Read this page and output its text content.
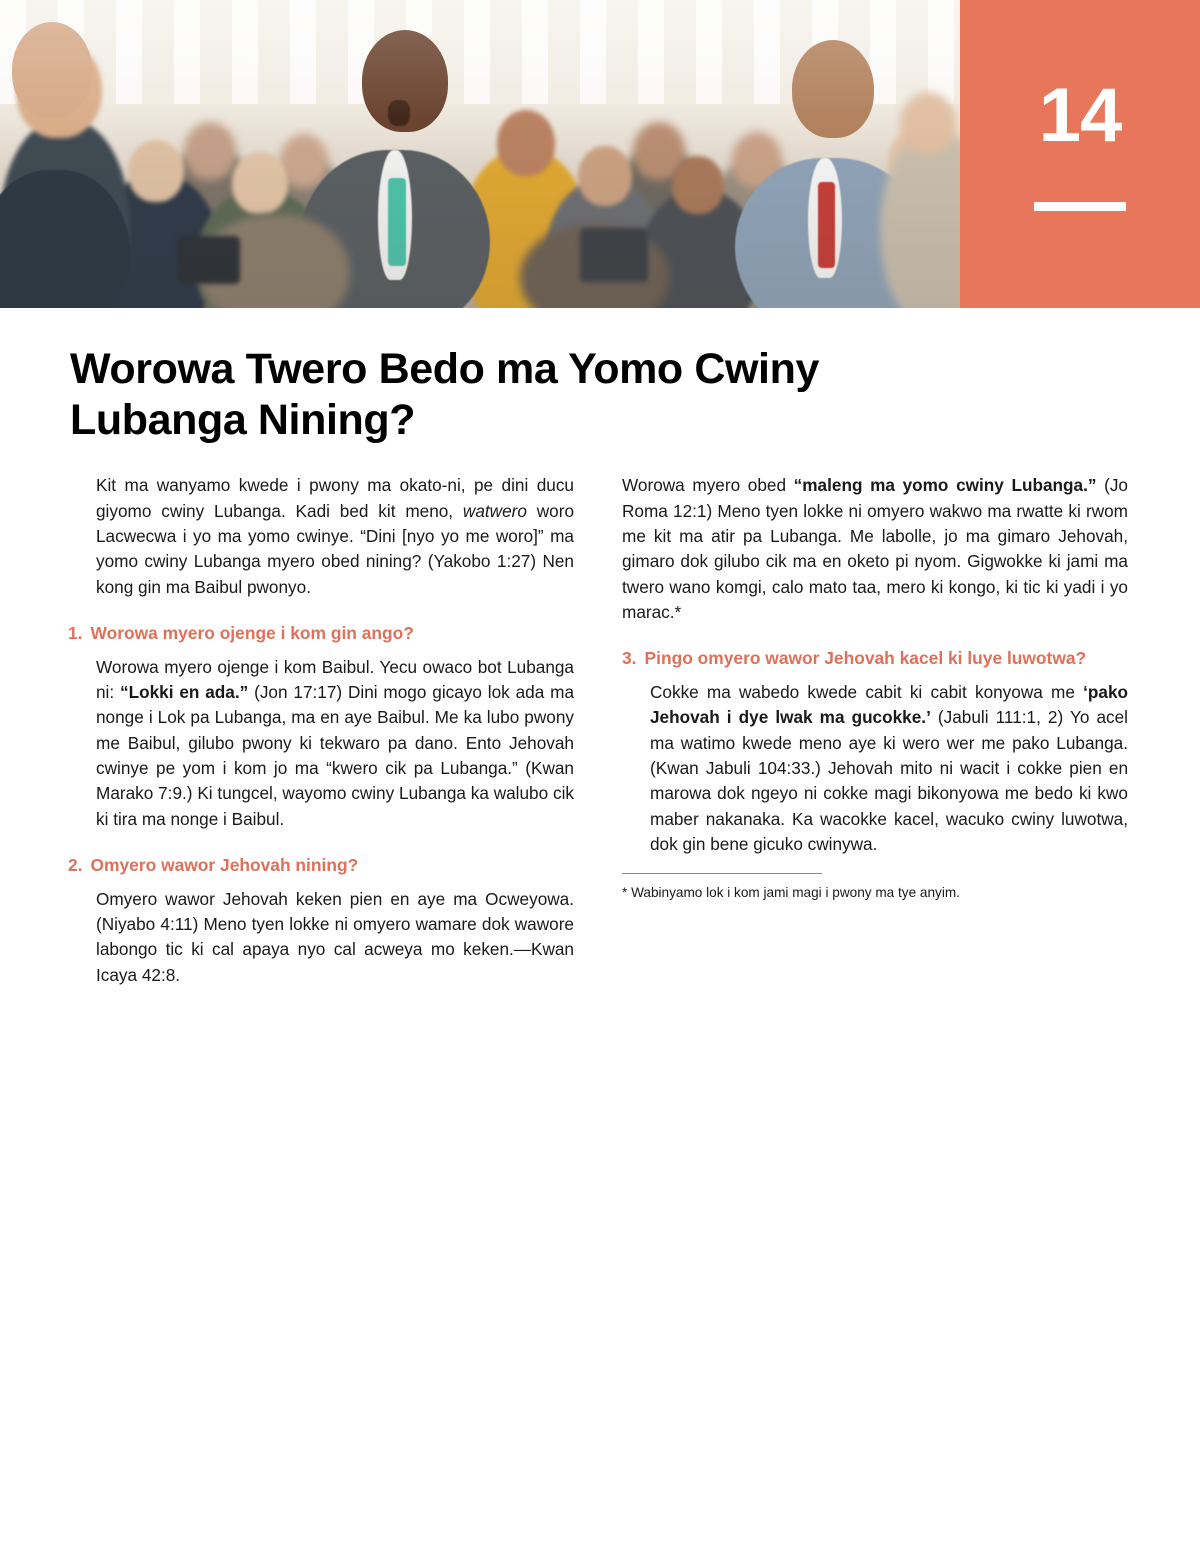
14
Worowa Twero Bedo ma Yomo Cwiny Lubanga Nining?

Kit ma wanyamo kwede i pwony ma okato-ni, pe dini ducu giyomo cwiny Lubanga. Kadi bed kit meno, watwero woro Lacwecwa i yo ma yomo cwinye. “Dini [nyo yo me woro]” ma yomo cwiny Lubanga myero obed nining? (Yakobo 1:27) Nen kong gin ma Baibul pwonyo.

1. Worowa myero ojenge i kom gin ango?

Worowa myero ojenge i kom Baibul. Yecu owaco bot Lubanga ni: “Lokki en ada.” (Jon 17:17) Dini mogo gicayo lok ada ma nonge i Lok pa Lubanga, ma en aye Baibul. Me ka lubo pwony me Baibul, gilubo pwony ki tekwaro pa dano. Ento Jehovah cwinye pe yom i kom jo ma “kwero cik pa Lubanga.” (Kwan Marako 7:9.) Ki tungcel, wayomo cwiny Lubanga ka walubo cik ki tira ma nonge i Baibul.

2. Omyero wawor Jehovah nining?

Omyero wawor Jehovah keken pien en aye ma Ocweyowa. (Niyabo 4:11) Meno tyen lokke ni omyero wamare dok wawore labongo tic ki cal apaya nyo cal acweya mo keken.—Kwan Icaya 42:8.

Worowa myero obed “maleng ma yomo cwiny Lubanga.” (Jo Roma 12:1) Meno tyen lokke ni omyero wakwo ma rwatte ki rwom me kit ma atir pa Lubanga. Me labolle, jo ma gimaro Jehovah, gimaro dok gilubo cik ma en oketo pi nyom. Gigwokke ki jami ma twero wano komgi, calo mato taa, mero ki kongo, ki tic ki yadi i yo marac.*

3. Pingo omyero wawor Jehovah kacel ki luye luwotwa?

Cokke ma wabedo kwede cabit ki cabit konyowa me ‘pako Jehovah i dye lwak ma gucokke.’ (Jabuli 111:1, 2) Yo acel ma watimo kwede meno aye ki wero wer me pako Lubanga. (Kwan Jabuli 104:33.) Jehovah mito ni wacit i cokke pien en marowa dok ngeyo ni cokke magi bikonyowa me bedo ki kwo maber nakanaka. Ka wacokke kacel, wacuko cwiny luwotwa, dok gin bene gicuko cwinywa.

* Wabinyamo lok i kom jami magi i pwony ma tye anyim.
